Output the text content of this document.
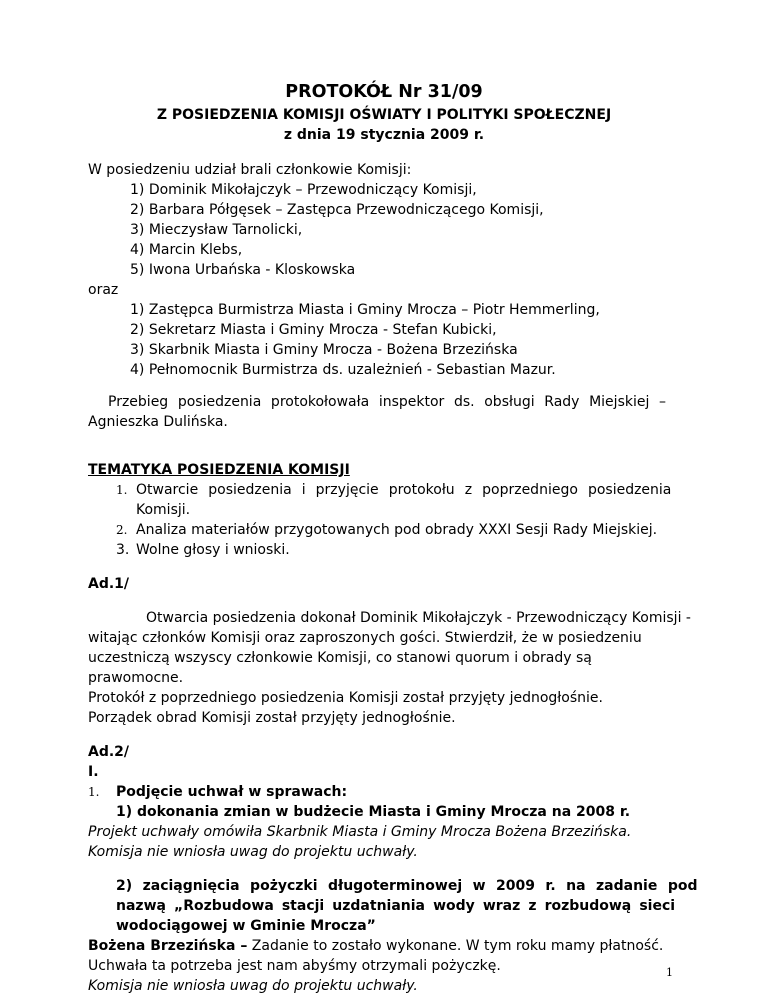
PROTOKÓŁ Nr 31/09
Z POSIEDZENIA KOMISJI OŚWIATY I POLITYKI SPOŁECZNEJ
z dnia 19 stycznia 2009 r.
W posiedzeniu udział brali członkowie Komisji:
1) Dominik Mikołajczyk – Przewodniczący Komisji,
2) Barbara Półgęsek – Zastępca Przewodniczącego Komisji,
3) Mieczysław Tarnolicki,
4) Marcin Klebs,
5) Iwona Urbańska - Kloskowska
oraz
1) Zastępca Burmistrza Miasta i Gminy Mrocza – Piotr Hemmerling,
2) Sekretarz Miasta i Gminy Mrocza - Stefan Kubicki,
3) Skarbnik Miasta i Gminy Mrocza - Bożena Brzezińska
4) Pełnomocnik Burmistrza ds. uzależnień - Sebastian Mazur.
Przebieg posiedzenia protokołowała inspektor ds. obsługi Rady Miejskiej –
Agnieszka Dulińska.
TEMATYKA POSIEDZENIA KOMISJI
1. Otwarcie posiedzenia i przyjęcie protokołu z poprzedniego posiedzenia
Komisji.
2. Analiza materiałów przygotowanych pod obrady XXXI Sesji Rady Miejskiej.
3. Wolne głosy i wnioski.
Ad.1/
Otwarcia posiedzenia dokonał Dominik Mikołajczyk - Przewodniczący Komisji -
witając członków Komisji oraz zaproszonych gości. Stwierdził, że w posiedzeniu
uczestniczą wszyscy członkowie Komisji, co stanowi quorum i obrady są
prawomocne.
Protokół z poprzedniego posiedzenia Komisji został przyjęty jednogłośnie.
Porządek obrad Komisji został przyjęty jednogłośnie.
Ad.2/
I.
1. Podjęcie uchwał w sprawach:
1) dokonania zmian w budżecie Miasta i Gminy Mrocza na 2008 r.
Projekt uchwały omówiła Skarbnik Miasta i Gminy Mrocza Bożena Brzezińska.
Komisja nie wniosła uwag do projektu uchwały.
2) zaciągnięcia pożyczki długoterminowej w 2009 r. na zadanie pod
nazwą „Rozbudowa stacji uzdatniania wody wraz z rozbudową sieci
wodociągowej w Gminie Mrocza”
Bożena Brzezińska – Zadanie to zostało wykonane. W tym roku mamy płatność.
Uchwała ta potrzeba jest nam abyśmy otrzymali pożyczkę.
Komisja nie wniosła uwag do projektu uchwały.
1
